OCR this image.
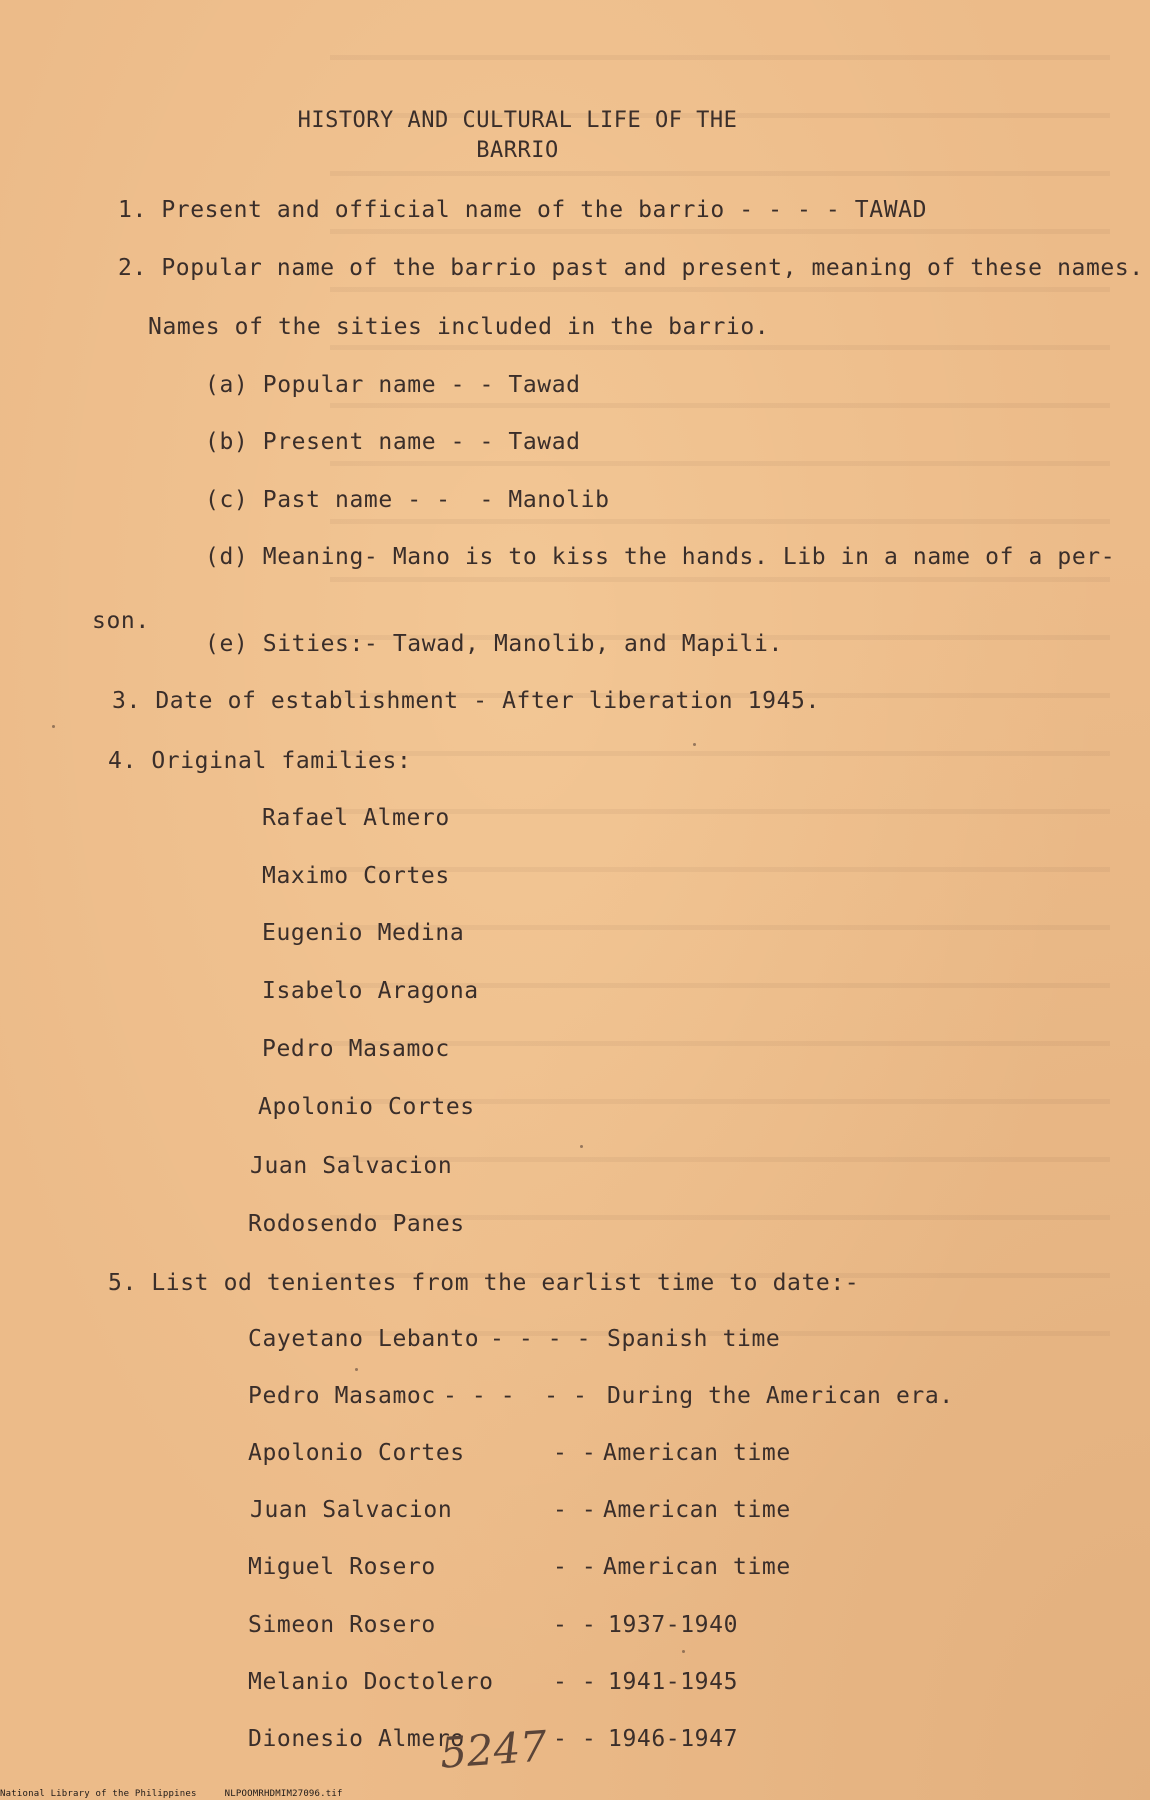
HISTORY AND CULTURAL LIFE OF THE
BARRIO
1. Present and official name of the barrio - - - - TAWAD
2. Popular name of the barrio past and present, meaning of these names.
Names of the sities included in the barrio.
(a) Popular name - - Tawad
(b) Present name - - Tawad
(c) Past name - -  - Manolib
(d) Meaning- Mano is to kiss the hands. Lib in a name of a per-
son.
(e) Sities:- Tawad, Manolib, and Mapili.
3. Date of establishment - After liberation 1945.
4. Original families:
Rafael Almero
Maximo Cortes
Eugenio Medina
Isabelo Aragona
Pedro Masamoc
Apolonio Cortes
Juan Salvacion
Rodosendo Panes
5. List od tenientes from the earlist time to date:-
Cayetano Lebanto - - - - Spanish time
Pedro Masamoc - - -  - - During the American era.
Apolonio Cortes	- - American time
Juan Salvacion	- - American time
Miguel Rosero	- - American time
Simeon Rosero	- - 1937-1940
Melanio Doctolero	- - 1941-1945
Dionesio Almero	- - 1946-1947
5247
National Library of the Philippines	NLPOOMRHDMIM27096.tif
